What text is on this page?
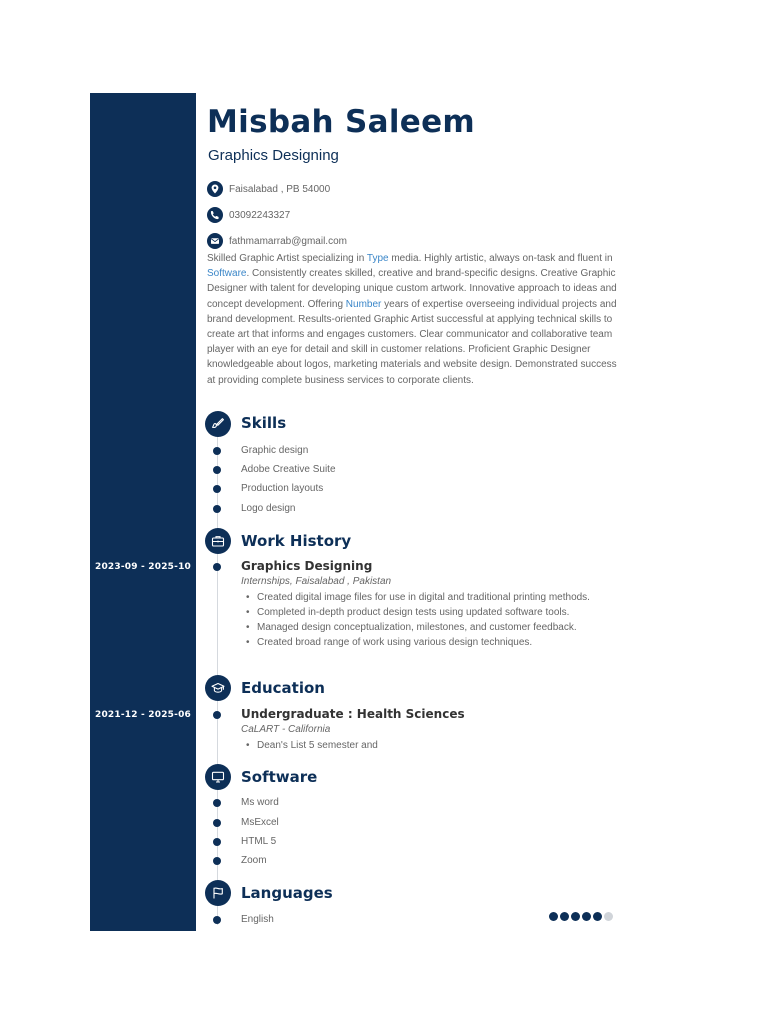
2023-09 - 2025-10
2021-12 - 2025-06
Misbah Saleem
Graphics Designing
Faisalabad , PB 54000
03092243327
fathmamarrab@gmail.com
Skilled Graphic Artist specializing in Type media. Highly artistic, always on-task and fluent in Software. Consistently creates skilled, creative and brand-specific designs. Creative Graphic Designer with talent for developing unique custom artwork. Innovative approach to ideas and concept development. Offering Number years of expertise overseeing individual projects and brand development. Results-oriented Graphic Artist successful at applying technical skills to create art that informs and engages customers. Clear communicator and collaborative team player with an eye for detail and skill in customer relations. Proficient Graphic Designer knowledgeable about logos, marketing materials and website design. Demonstrated success at providing complete business services to corporate clients.
Skills
Graphic design
Adobe Creative Suite
Production layouts
Logo design
Work History
Graphics Designing
Internships, Faisalabad , Pakistan
• Created digital image files for use in digital and traditional printing methods.
• Completed in-depth product design tests using updated software tools.
• Managed design conceptualization, milestones, and customer feedback.
• Created broad range of work using various design techniques.
Education
Undergraduate : Health Sciences
CaLART - California
• Dean's List 5 semester and
Software
Ms word
MsExcel
HTML 5
Zoom
Languages
English
